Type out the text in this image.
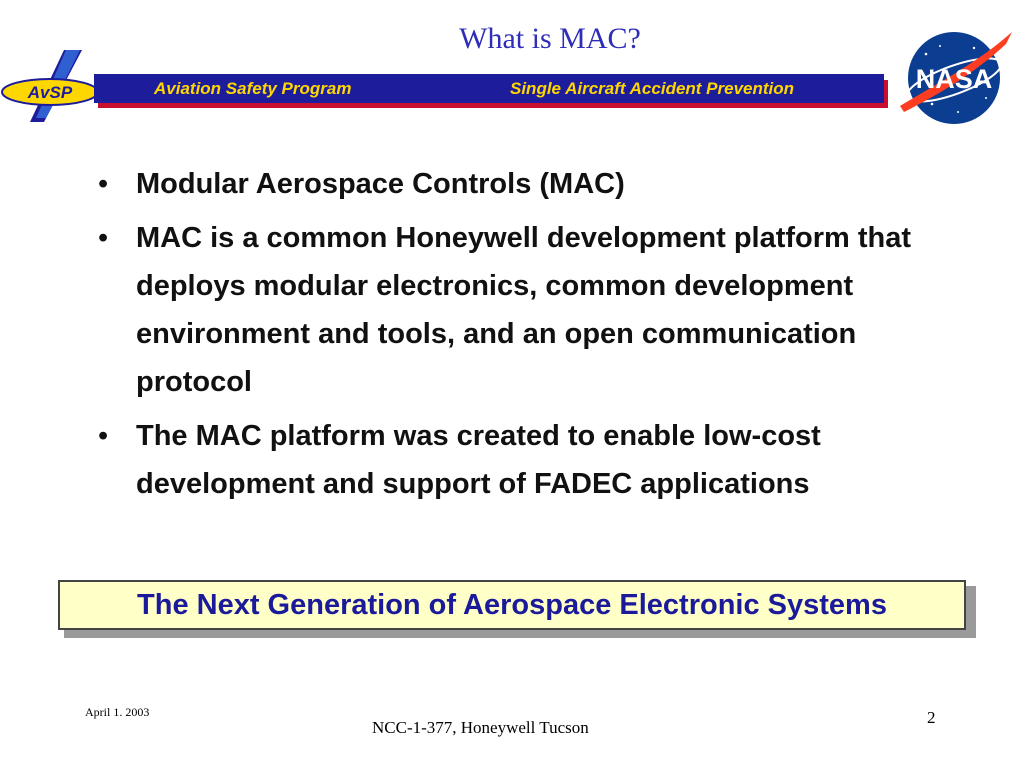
What is MAC?
AvSP	Aviation Safety Program	Single Aircraft Accident Prevention	NASA
• Modular Aerospace Controls (MAC)
• MAC is a common Honeywell development platform that deploys modular electronics, common development environment and tools, and an open communication protocol
• The MAC platform was created to enable low-cost development and support of FADEC applications
The Next Generation of Aerospace Electronic Systems
April 1. 2003
NCC-1-377, Honeywell Tucson
2
